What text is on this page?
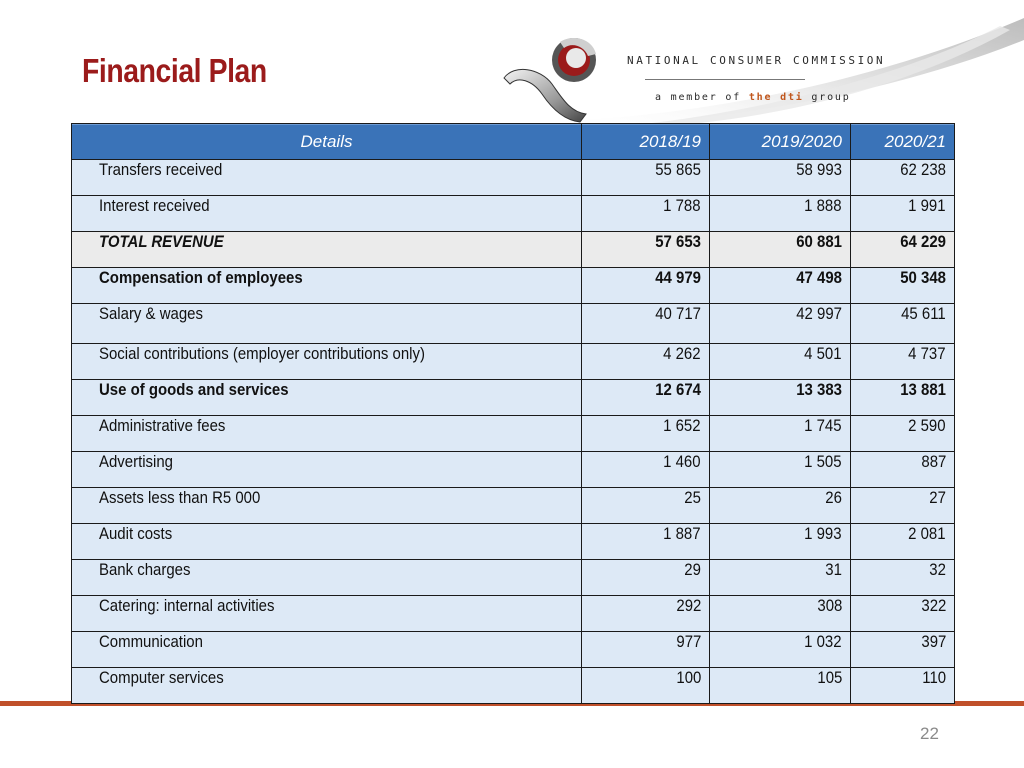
Financial Plan	NATIONAL CONSUMER COMMISSION
a member of the dti group
Details	2018/19	2019/2020	2020/21
Transfers received	55 865	58 993	62 238
Interest received	1 788	1 888	1 991
TOTAL REVENUE	57 653	60 881	64 229
Compensation of employees	44 979	47 498	50 348
Salary & wages	40 717	42 997	45 611
Social contributions (employer contributions only)	4 262	4 501	4 737
Use of goods and services	12 674	13 383	13 881
Administrative fees	1 652	1 745	2 590
Advertising	1 460	1 505	887
Assets less than R5 000	25	26	27
Audit costs	1 887	1 993	2 081
Bank charges	29	31	32
Catering: internal activities	292	308	322
Communication	977	1 032	397
Computer services	100	105	110
22
